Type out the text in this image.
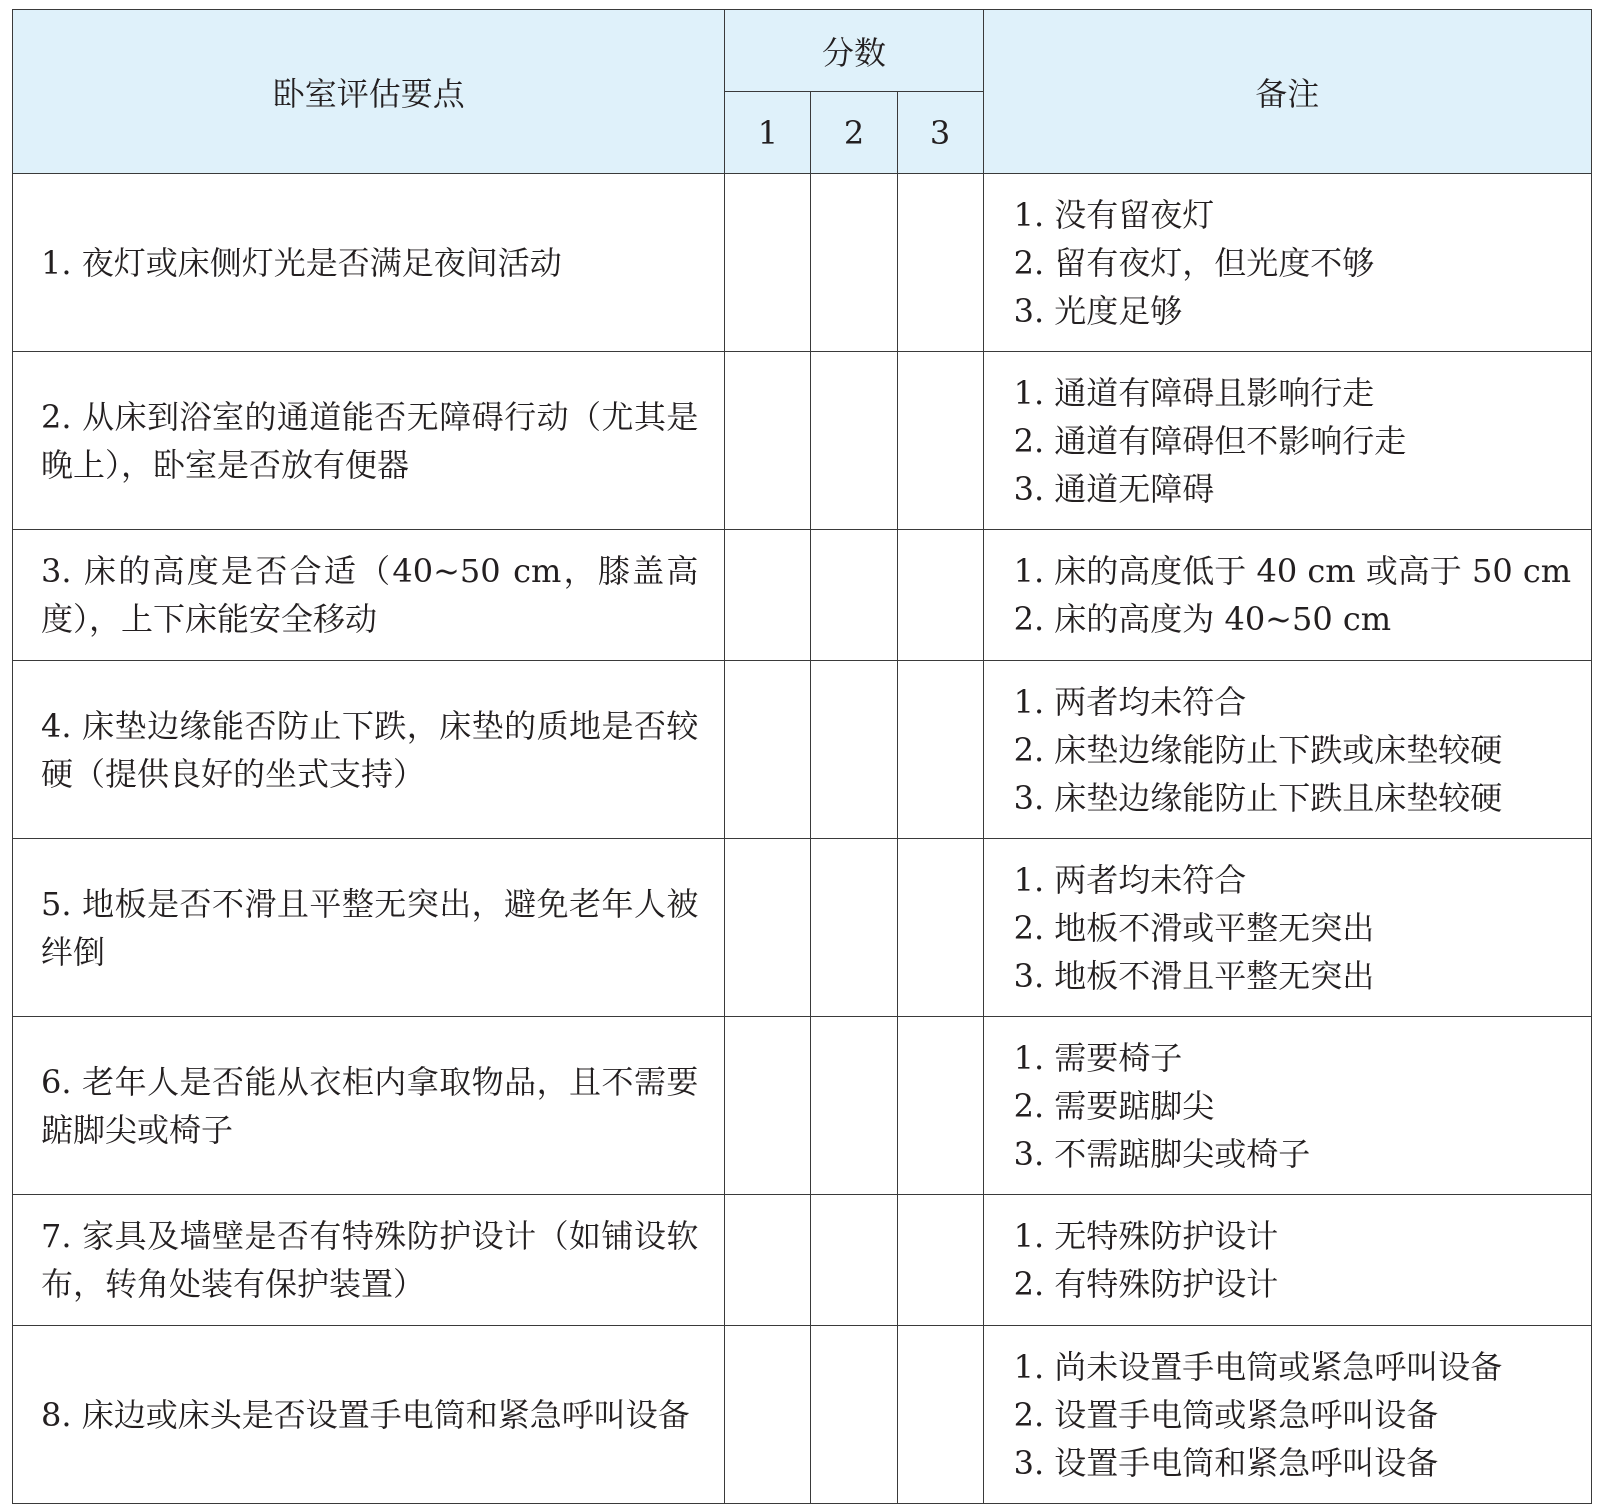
卧室评估要点	分数			备注
	1	2	3	
1. 夜灯或床侧灯光是否满足夜间活动				1. 没有留夜灯
2. 留有夜灯，但光度不够
3. 光度足够

2. 从床到浴室的通道能否无障碍行动（尤其是晚上），卧室是否放有便器				1. 通道有障碍且影响行走
2. 通道有障碍但不影响行走
3. 通道无障碍

3. 床的高度是否合适（40~50 cm，膝盖高度），上下床能安全移动				1. 床的高度低于 40 cm 或高于 50 cm
2. 床的高度为 40~50 cm

4. 床垫边缘能否防止下跌，床垫的质地是否较硬（提供良好的坐式支持）				1. 两者均未符合
2. 床垫边缘能防止下跌或床垫较硬
3. 床垫边缘能防止下跌且床垫较硬

5. 地板是否不滑且平整无突出，避免老年人被绊倒				1. 两者均未符合
2. 地板不滑或平整无突出
3. 地板不滑且平整无突出

6. 老年人是否能从衣柜内拿取物品，且不需要踮脚尖或椅子				1. 需要椅子
2. 需要踮脚尖
3. 不需踮脚尖或椅子

7. 家具及墙壁是否有特殊防护设计（如铺设软布，转角处装有保护装置）				1. 无特殊防护设计
2. 有特殊防护设计

8. 床边或床头是否设置手电筒和紧急呼叫设备				1. 尚未设置手电筒或紧急呼叫设备
2. 设置手电筒或紧急呼叫设备
3. 设置手电筒和紧急呼叫设备
